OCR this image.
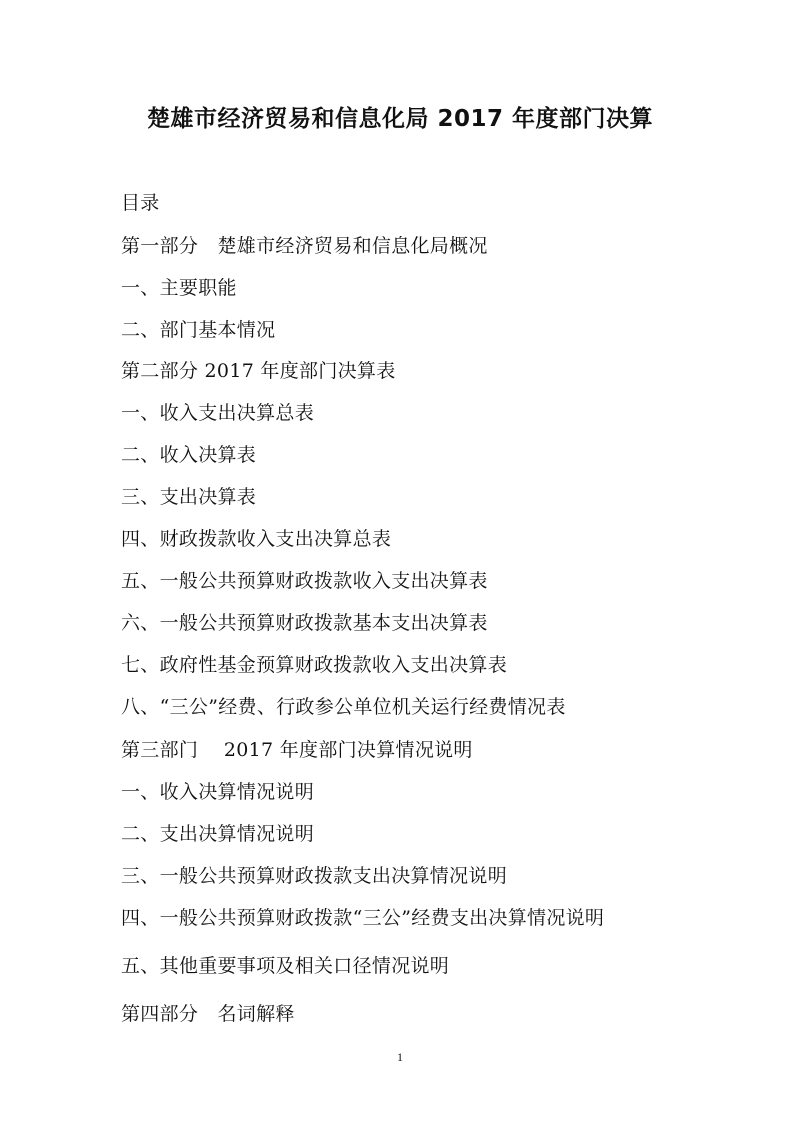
楚雄市经济贸易和信息化局 2017 年度部门决算
目录
第一部分　楚雄市经济贸易和信息化局概况
一、主要职能
二、部门基本情况
第二部分 2017 年度部门决算表
一、收入支出决算总表
二、收入决算表
三、支出决算表
四、财政拨款收入支出决算总表
五、一般公共预算财政拨款收入支出决算表
六、一般公共预算财政拨款基本支出决算表
七、政府性基金预算财政拨款收入支出决算表
八、“三公”经费、行政参公单位机关运行经费情况表
第三部门　 2017 年度部门决算情况说明
一、收入决算情况说明
二、支出决算情况说明
三、一般公共预算财政拨款支出决算情况说明
四、一般公共预算财政拨款“三公”经费支出决算情况说明
五、其他重要事项及相关口径情况说明
第四部分　名词解释
1
